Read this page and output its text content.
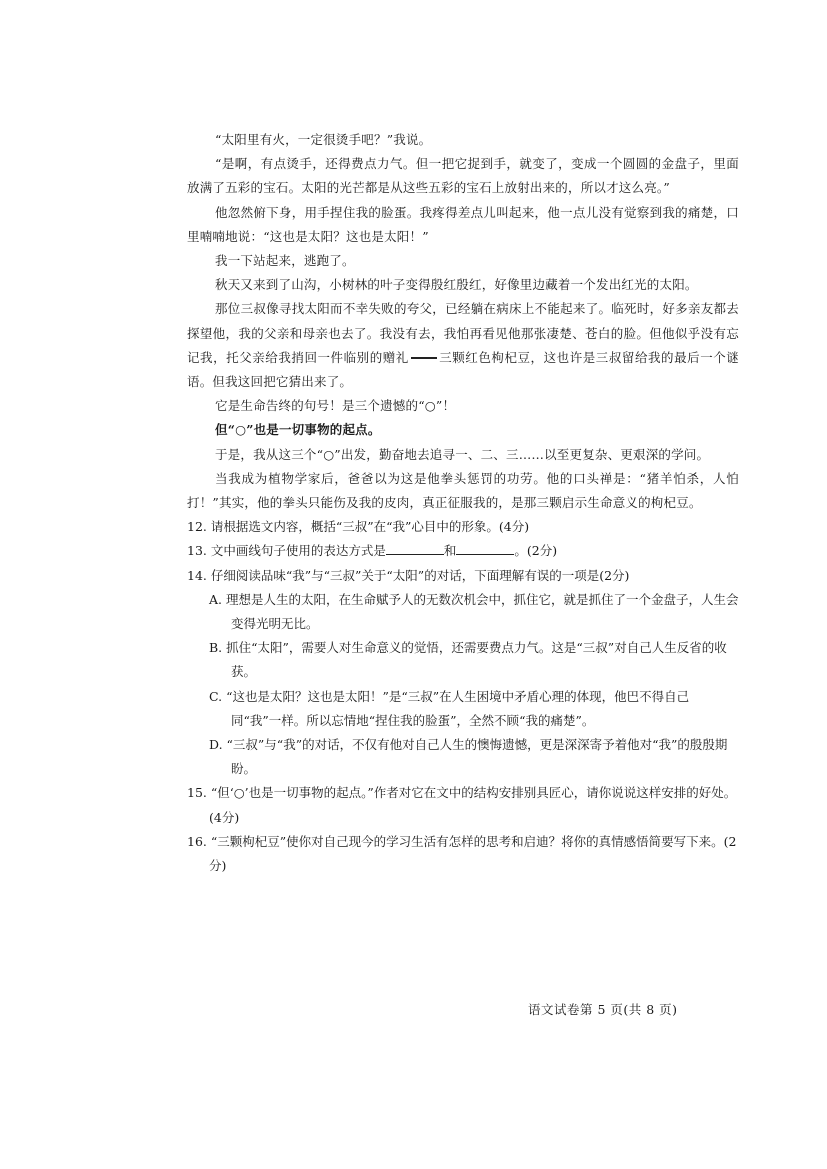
“太阳里有火，一定很烫手吧？”我说。

“是啊，有点烫手，还得费点力气。但一把它捉到手，就变了，变成一个圆圆的金盘子，里面放满了五彩的宝石。太阳的光芒都是从这些五彩的宝石上放射出来的，所以才这么亮。”

他忽然俯下身，用手捏住我的脸蛋。我疼得差点儿叫起来，他一点儿没有觉察到我的痛楚，口里喃喃地说：“这也是太阳？这也是太阳！”

我一下站起来，逃跑了。

秋天又来到了山沟，小树林的叶子变得殷红殷红，好像里边藏着一个发出红光的太阳。

那位三叔像寻找太阳而不幸失败的夸父，已经躺在病床上不能起来了。临死时，好多亲友都去探望他，我的父亲和母亲也去了。我没有去，我怕再看见他那张凄楚、苍白的脸。但他似乎没有忘记我，托父亲给我捎回一件临别的赠礼 三颗红色枸杞豆，这也许是三叔留给我的最后一个谜语。但我这回把它猜出来了。

它是生命告终的句号！是三个遗憾的“○”！

但“○”也是一切事物的起点。

于是，我从这三个“○”出发，勤奋地去追寻一、二、三……以至更复杂、更艰深的学问。

当我成为植物学家后，爸爸以为这是他拳头惩罚的功劳。他的口头禅是：“猪羊怕杀，人怕打！”其实，他的拳头只能伤及我的皮肉，真正征服我的，是那三颗启示生命意义的枸杞豆。

12. 请根据选文内容，概括“三叔”在“我”心目中的形象。(4分)

13. 文中画线句子使用的表达方式是	和	。(2分)

14. 仔细阅读品味“我”与“三叔”关于“太阳”的对话，下面理解有误的一项是(2分)

A. 理想是人生的太阳，在生命赋予人的无数次机会中，抓住它，就是抓住了一个金盘子，人生会变得光明无比。

B. 抓住“太阳”，需要人对生命意义的觉悟，还需要费点力气。这是“三叔”对自己人生反省的收获。

C. “这也是太阳？这也是太阳！”是“三叔”在人生困境中矛盾心理的体现，他巴不得自己同“我”一样。所以忘情地“捏住我的脸蛋”，全然不顾“我的痛楚”。

D. “三叔”与“我”的对话，不仅有他对自己人生的懊悔遗憾，更是深深寄予着他对“我”的殷殷期盼。

15. “但‘○’也是一切事物的起点。”作者对它在文中的结构安排别具匠心，请你说说这样安排的好处。(4分)

16. “三颗枸杞豆”使你对自己现今的学习生活有怎样的思考和启迪？将你的真情感悟简要写下来。(2分)

语文试卷第 5 页(共 8 页)
